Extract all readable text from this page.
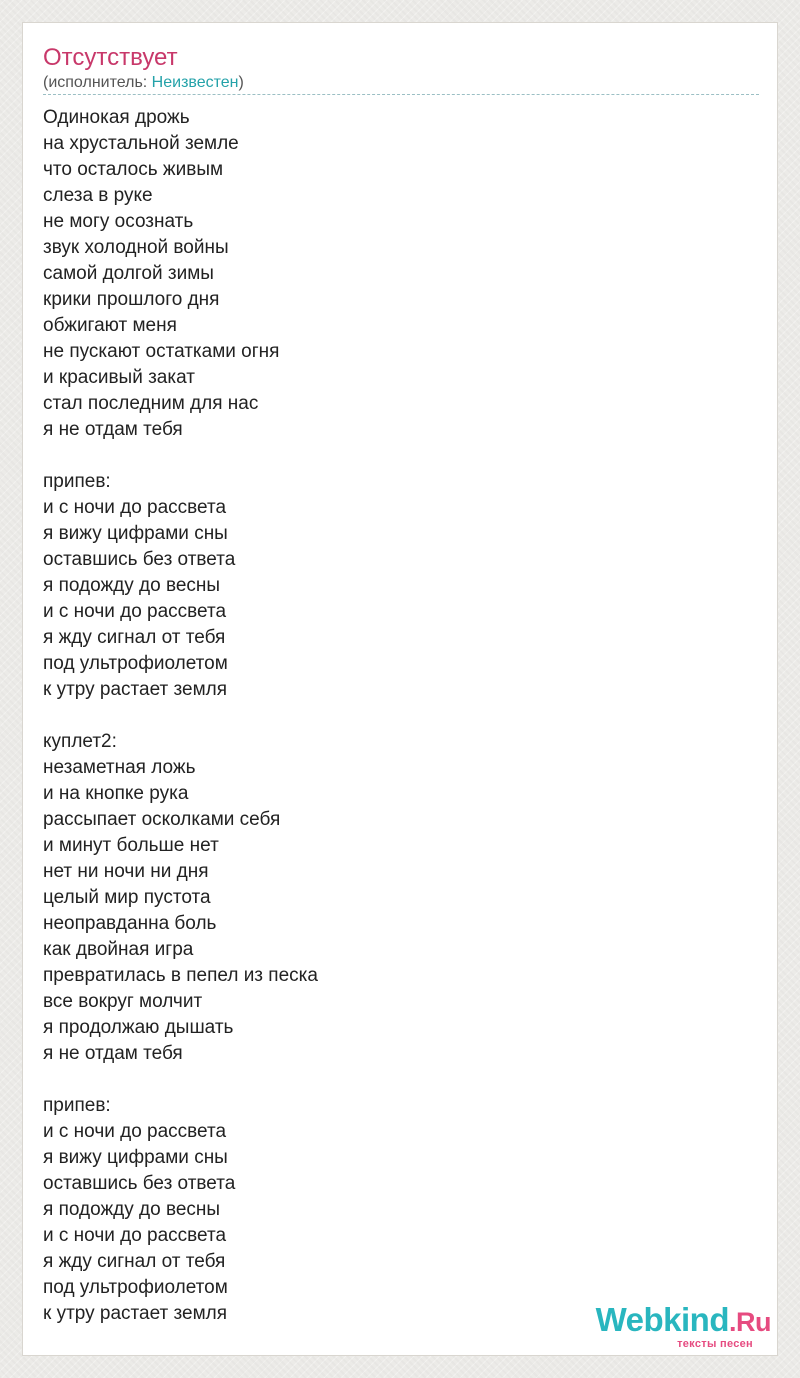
Отсутствует
(исполнитель: Неизвестен)
Одинокая дрожь
на хрустальной земле
что осталось живым
слеза в руке
не могу осознать
звук холодной войны
самой долгой зимы
крики прошлого дня
обжигают меня
не пускают остатками огня
и красивый закат
стал последним для нас
я не отдам тебя
припев:
и с ночи до рассвета
я вижу цифрами сны
оставшись без ответа
я подожду до весны
и с ночи до рассвета
я жду сигнал от тебя
под ультрофиолетом
к утру растает земля
куплет2:
незаметная ложь
и на кнопке рука
рассыпает осколками себя
и минут больше нет
нет ни ночи ни дня
целый мир пустота
неоправданна боль
как двойная игра
превратилась в пепел из песка
все вокруг молчит
я продолжаю дышать
я не отдам тебя
припев:
и с ночи до рассвета
я вижу цифрами сны
оставшись без ответа
я подожду до весны
и с ночи до рассвета
я жду сигнал от тебя
под ультрофиолетом
к утру растает земля	Webkind.Ru
тексты песен
